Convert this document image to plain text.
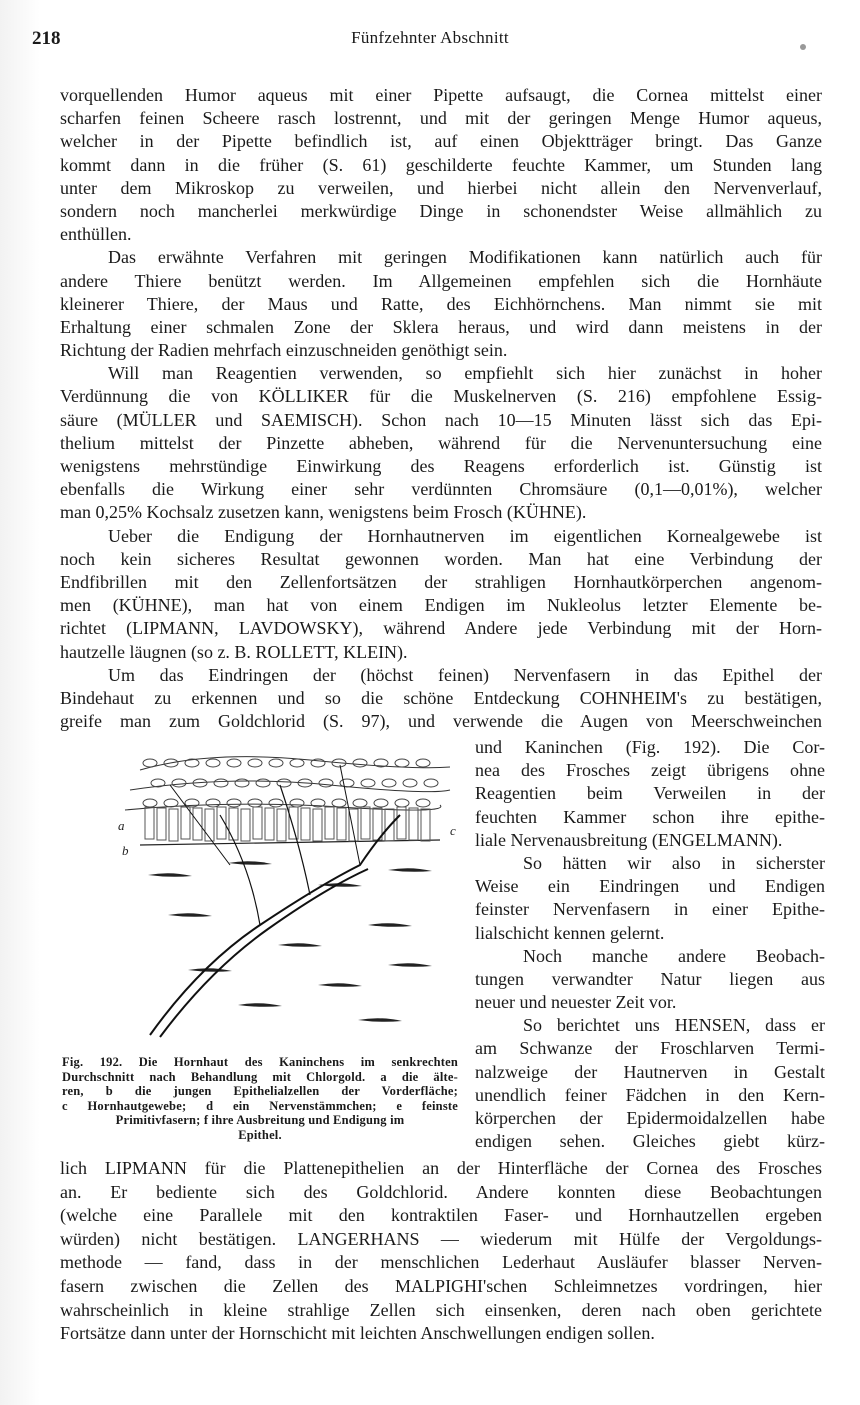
218	Fünfzehnter Abschnitt
vorquellenden Humor aqueus mit einer Pipette aufsaugt, die Cornea mittelst einer
scharfen feinen Scheere rasch lostrennt, und mit der geringen Menge Humor aqueus,
welcher in der Pipette befindlich ist, auf einen Objektträger bringt. Das Ganze
kommt dann in die früher (S. 61) geschilderte feuchte Kammer, um Stunden lang
unter dem Mikroskop zu verweilen, und hierbei nicht allein den Nervenverlauf,
sondern noch mancherlei merkwürdige Dinge in schonendster Weise allmählich zu
enthüllen.
Das erwähnte Verfahren mit geringen Modifikationen kann natürlich auch für
andere Thiere benützt werden. Im Allgemeinen empfehlen sich die Hornhäute
kleinerer Thiere, der Maus und Ratte, des Eichhörnchens. Man nimmt sie mit
Erhaltung einer schmalen Zone der Sklera heraus, und wird dann meistens in der
Richtung der Radien mehrfach einzuschneiden genöthigt sein.
Will man Reagentien verwenden, so empfiehlt sich hier zunächst in hoher
Verdünnung die von KÖLLIKER für die Muskelnerven (S. 216) empfohlene Essig-
säure (MÜLLER und SAEMISCH). Schon nach 10—15 Minuten lässt sich das Epi-
thelium mittelst der Pinzette abheben, während für die Nervenuntersuchung eine
wenigstens mehrstündige Einwirkung des Reagens erforderlich ist. Günstig ist
ebenfalls die Wirkung einer sehr verdünnten Chromsäure (0,1—0,01%), welcher
man 0,25% Kochsalz zusetzen kann, wenigstens beim Frosch (KÜHNE).
Ueber die Endigung der Hornhautnerven im eigentlichen Kornealgewebe ist
noch kein sicheres Resultat gewonnen worden. Man hat eine Verbindung der
Endfibrillen mit den Zellenfortsätzen der strahligen Hornhautkörperchen angenom-
men (KÜHNE), man hat von einem Endigen im Nukleolus letzter Elemente be-
richtet (LIPMANN, LAVDOWSKY), während Andere jede Verbindung mit der Horn-
hautzelle läugnen (so z. B. ROLLETT, KLEIN).
Um das Eindringen der (höchst feinen) Nervenfasern in das Epithel der
Bindehaut zu erkennen und so die schöne Entdeckung COHNHEIM's zu bestätigen,
greife man zum Goldchlorid (S. 97), und verwende die Augen von Meerschweinchen
und Kaninchen (Fig. 192). Die Cor-
nea des Frosches zeigt übrigens ohne
Reagentien beim Verweilen in der
feuchten Kammer schon ihre epithe-
liale Nervenausbreitung (ENGELMANN).
So hätten wir also in sicherster
Weise ein Eindringen und Endigen
feinster Nervenfasern in einer Epithe-
lialschicht kennen gelernt.
Noch manche andere Beobach-
tungen verwandter Natur liegen aus
neuer und neuester Zeit vor.
So berichtet uns HENSEN, dass er
am Schwanze der Froschlarven Termi-
nalzweige der Hautnerven in Gestalt
unendlich feiner Fädchen in den Kern-
körperchen der Epidermoidalzellen habe
endigen sehen. Gleiches giebt kürz-
lich LIPMANN für die Plattenepithelien an der Hinterfläche der Cornea des Frosches
an. Er bediente sich des Goldchlorid. Andere konnten diese Beobachtungen
(welche eine Parallele mit den kontraktilen Faser- und Hornhautzellen ergeben
würden) nicht bestätigen. LANGERHANS — wiederum mit Hülfe der Vergoldungs-
methode — fand, dass in der menschlichen Lederhaut Ausläufer blasser Nerven-
fasern zwischen die Zellen des MALPIGHI'schen Schleimnetzes vordringen, hier
wahrscheinlich in kleine strahlige Zellen sich einsenken, deren nach oben gerichtete
Fortsätze dann unter der Hornschicht mit leichten Anschwellungen endigen sollen.
Fig. 192. Die Hornhaut des Kaninchens im senkrechten
Durchschnitt nach Behandlung mit Chlorgold. a die älte-
ren, b die jungen Epithelialzellen der Vorderfläche;
c Hornhautgewebe; d ein Nervenstämmchen; e feinste
Primitivfasern; f ihre Ausbreitung und Endigung im
Epithel.
a
b
c
